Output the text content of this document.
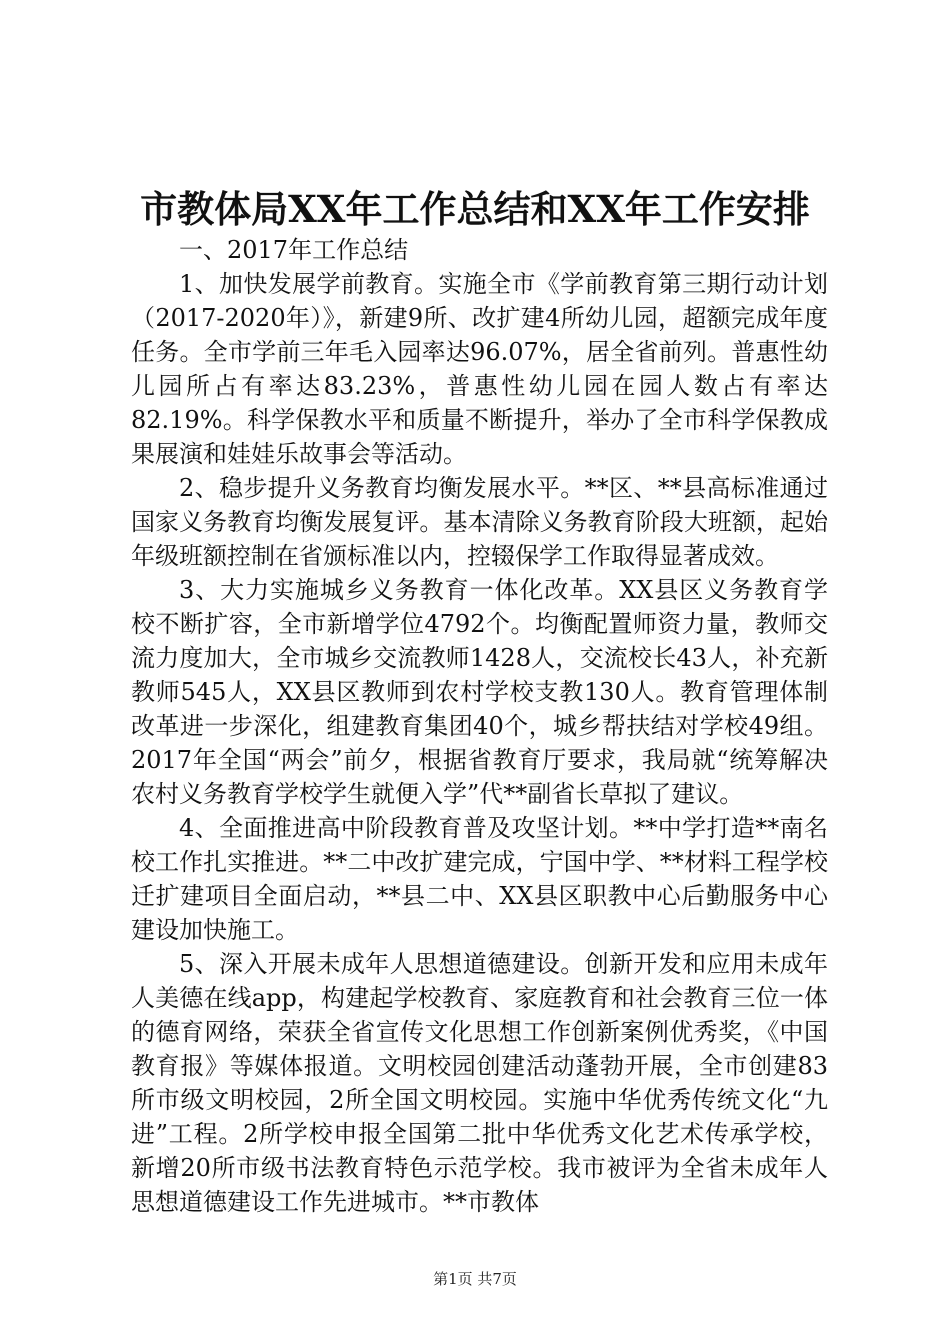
市教体局XX年工作总结和XX年工作安排

一、2017年工作总结

1、加快发展学前教育。实施全市《学前教育第三期行动计划（2017-2020年）》，新建9所、改扩建4所幼儿园，超额完成年度任务。全市学前三年毛入园率达96.07%，居全省前列。普惠性幼儿园所占有率达83.23%，普惠性幼儿园在园人数占有率达82.19%。科学保教水平和质量不断提升，举办了全市科学保教成果展演和娃娃乐故事会等活动。

2、稳步提升义务教育均衡发展水平。**区、**县高标准通过国家义务教育均衡发展复评。基本清除义务教育阶段大班额，起始年级班额控制在省颁标准以内，控辍保学工作取得显著成效。

3、大力实施城乡义务教育一体化改革。XX县区义务教育学校不断扩容，全市新增学位4792个。均衡配置师资力量，教师交流力度加大，全市城乡交流教师1428人，交流校长43人，补充新教师545人，XX县区教师到农村学校支教130人。教育管理体制改革进一步深化，组建教育集团40个，城乡帮扶结对学校49组。2017年全国“两会”前夕，根据省教育厅要求，我局就“统筹解决农村义务教育学校学生就便入学”代**副省长草拟了建议。

4、全面推进高中阶段教育普及攻坚计划。**中学打造**南名校工作扎实推进。**二中改扩建完成，宁国中学、**材料工程学校迁扩建项目全面启动，**县二中、XX县区职教中心后勤服务中心建设加快施工。

5、深入开展未成年人思想道德建设。创新开发和应用未成年人美德在线app，构建起学校教育、家庭教育和社会教育三位一体的德育网络，荣获全省宣传文化思想工作创新案例优秀奖，《中国教育报》等媒体报道。文明校园创建活动蓬勃开展，全市创建83所市级文明校园，2所全国文明校园。实施中华优秀传统文化“九进”工程。2所学校申报全国第二批中华优秀文化艺术传承学校，新增20所市级书法教育特色示范学校。我市被评为全省未成年人思想道德建设工作先进城市。**市教体

第1页 共7页
